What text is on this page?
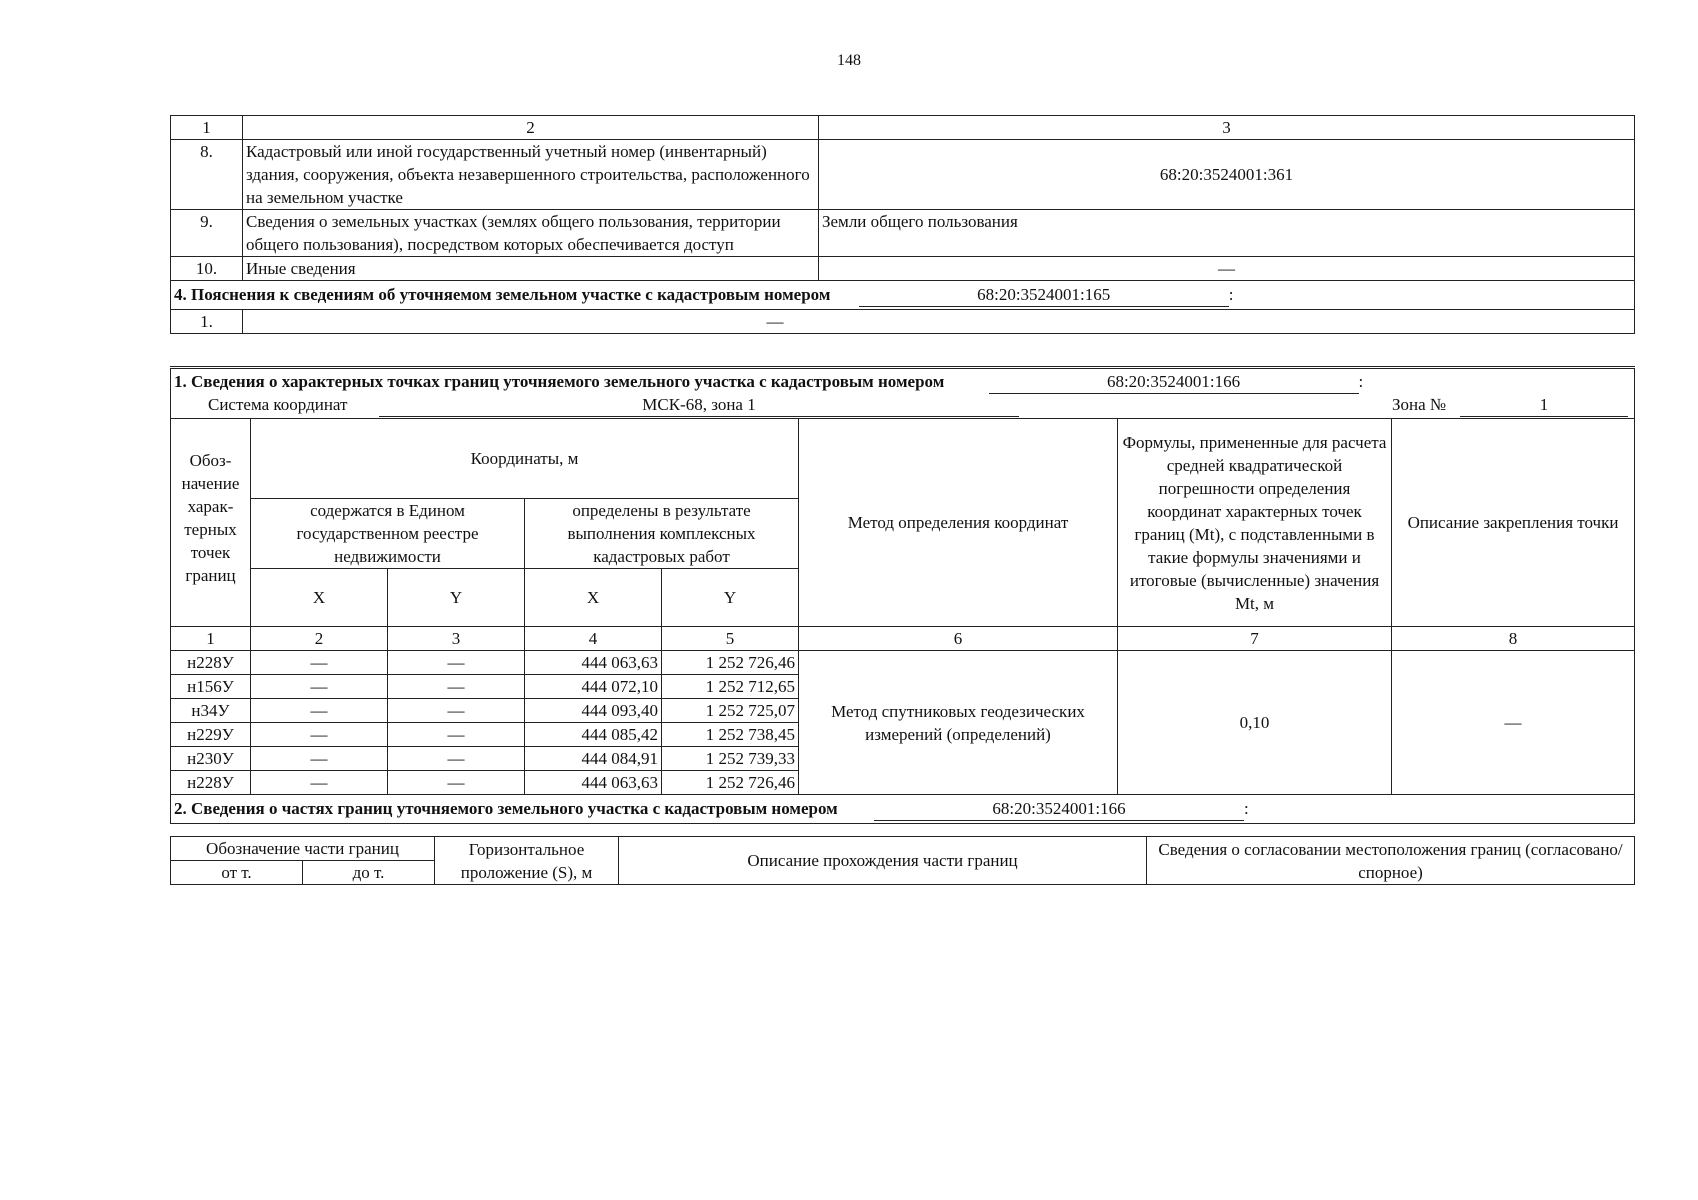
148
1	2	3
8.	Кадастровый или иной государственный учетный номер (инвентарный) здания, сооружения, объекта незавершенного строительства, расположенного на земельном участке	68:20:3524001:361
9.	Сведения о земельных участках (землях общего пользования, территории общего пользования), посредством которых обеспечивается доступ	Земли общего пользования
10.	Иные сведения	—
4. Пояснения к сведениям об уточняемом земельном участке с кадастровым номером 68:20:3524001:165 :		
1.	—	
1. Сведения о характерных точках границ уточняемого земельного участка с кадастровым номером 68:20:3524001:166 :
Система координат МСК-68, зона 1 Зона № 1							

Обоз-начение харак-терных точек границ	Координаты, м				Метод определения координат	Формулы, примененные для расчета средней квадратической погрешности определения координат характерных точек границ (Mt), с подставленными в такие формулы значениями и итоговые (вычисленные) значения Mt, м	Описание закрепления точки
	содержатся в Едином государственном реестре недвижимости		определены в результате выполнения комплексных кадастровых работ				
	X	Y	X	Y			
1	2	3	4	5	6	7	8
н228У	—	—	444 063,63	1 252 726,46	Метод спутниковых геодезических измерений (определений)	0,10	—
н156У	—	—	444 072,10	1 252 712,65			
н34У	—	—	444 093,40	1 252 725,07			
н229У	—	—	444 085,42	1 252 738,45			
н230У	—	—	444 084,91	1 252 739,33			
н228У	—	—	444 063,63	1 252 726,46			
2. Сведения о частях границ уточняемого земельного участка с кадастровым номером 68:20:3524001:166 :							
Обозначение части границ		Горизонтальное проложение (S), м	Описание прохождения части границ	Сведения о согласовании местоположения границ (согласовано/спорное)
от т.	до т.			
